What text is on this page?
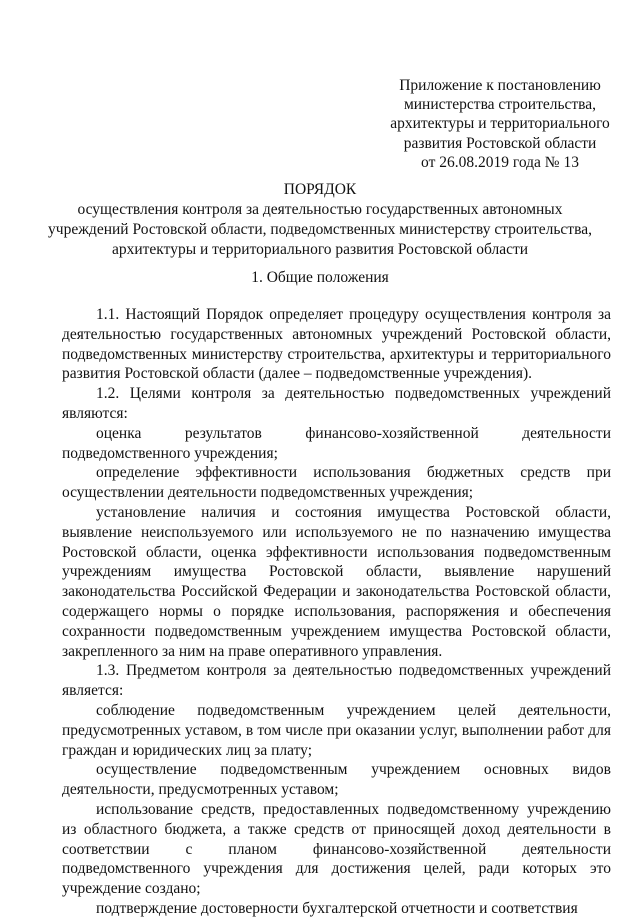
Приложение к постановлению
министерства строительства,
архитектуры и территориального
развития Ростовской области
от 26.08.2019 года № 13
ПОРЯДОК
осуществления контроля за деятельностью государственных автономных
учреждений Ростовской области, подведомственных министерству строительства,
архитектуры и территориального развития Ростовской области
1. Общие положения

1.1. Настоящий Порядок определяет процедуру осуществления контроля за деятельностью государственных автономных учреждений Ростовской области, подведомственных министерству строительства, архитектуры и территориального развития Ростовской области (далее – подведомственные учреждения).

1.2. Целями контроля за деятельностью подведомственных учреждений являются:

оценка результатов финансово-хозяйственной деятельности подведомственного учреждения;

определение эффективности использования бюджетных средств при осуществлении деятельности подведомственных учреждения;

установление наличия и состояния имущества Ростовской области, выявление неиспользуемого или используемого не по назначению имущества Ростовской области, оценка эффективности использования подведомственным учреждениям имущества Ростовской области, выявление нарушений законодательства Российской Федерации и законодательства Ростовской области, содержащего нормы о порядке использования, распоряжения и обеспечения сохранности подведомственным учреждением имущества Ростовской области, закрепленного за ним на праве оперативного управления.

1.3. Предметом контроля за деятельностью подведомственных учреждений является:

соблюдение подведомственным учреждением целей деятельности, предусмотренных уставом, в том числе при оказании услуг, выполнении работ для граждан и юридических лиц за плату;

осуществление подведомственным учреждением основных видов деятельности, предусмотренных уставом;

использование средств, предоставленных подведомственному учреждению из областного бюджета, а также средств от приносящей доход деятельности в соответствии с планом финансово-хозяйственной деятельности подведомственного учреждения для достижения целей, ради которых это учреждение создано;

подтверждение достоверности бухгалтерской отчетности и соответствия
